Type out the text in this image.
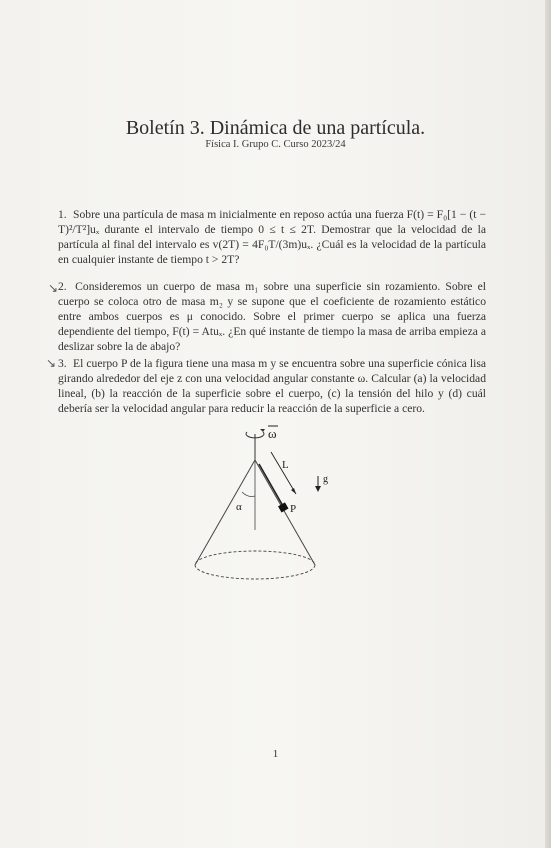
Boletín 3. Dinámica de una partícula.
Física I. Grupo C. Curso 2023/24
1. Sobre una partícula de masa m inicialmente en reposo actúa una fuerza F(t) = F₀[1 − (t − T)²/T²]uₓ durante el intervalo de tiempo 0 ≤ t ≤ 2T. Demostrar que la velocidad de la partícula al final del intervalo es v(2T) = 4F₀T/(3m)uₓ. ¿Cuál es la velocidad de la partícula en cualquier instante de tiempo t > 2T?
↘ 2. Consideremos un cuerpo de masa m₁ sobre una superficie sin rozamiento. Sobre el cuerpo se coloca otro de masa m₂ y se supone que el coeficiente de rozamiento estático entre ambos cuerpos es μ conocido. Sobre el primer cuerpo se aplica una fuerza dependiente del tiempo, F(t) = Atuₓ. ¿En qué instante de tiempo la masa de arriba empieza a deslizar sobre la de abajo?
↘ 3. El cuerpo P de la figura tiene una masa m y se encuentra sobre una superficie cónica lisa girando alrededor del eje z con una velocidad angular constante ω. Calcular (a) la velocidad lineal, (b) la reacción de la superficie sobre el cuerpo, (c) la tensión del hilo y (d) cuál debería ser la velocidad angular para reducir la reacción de la superficie a cero.
ω
α	P
L
g
1
